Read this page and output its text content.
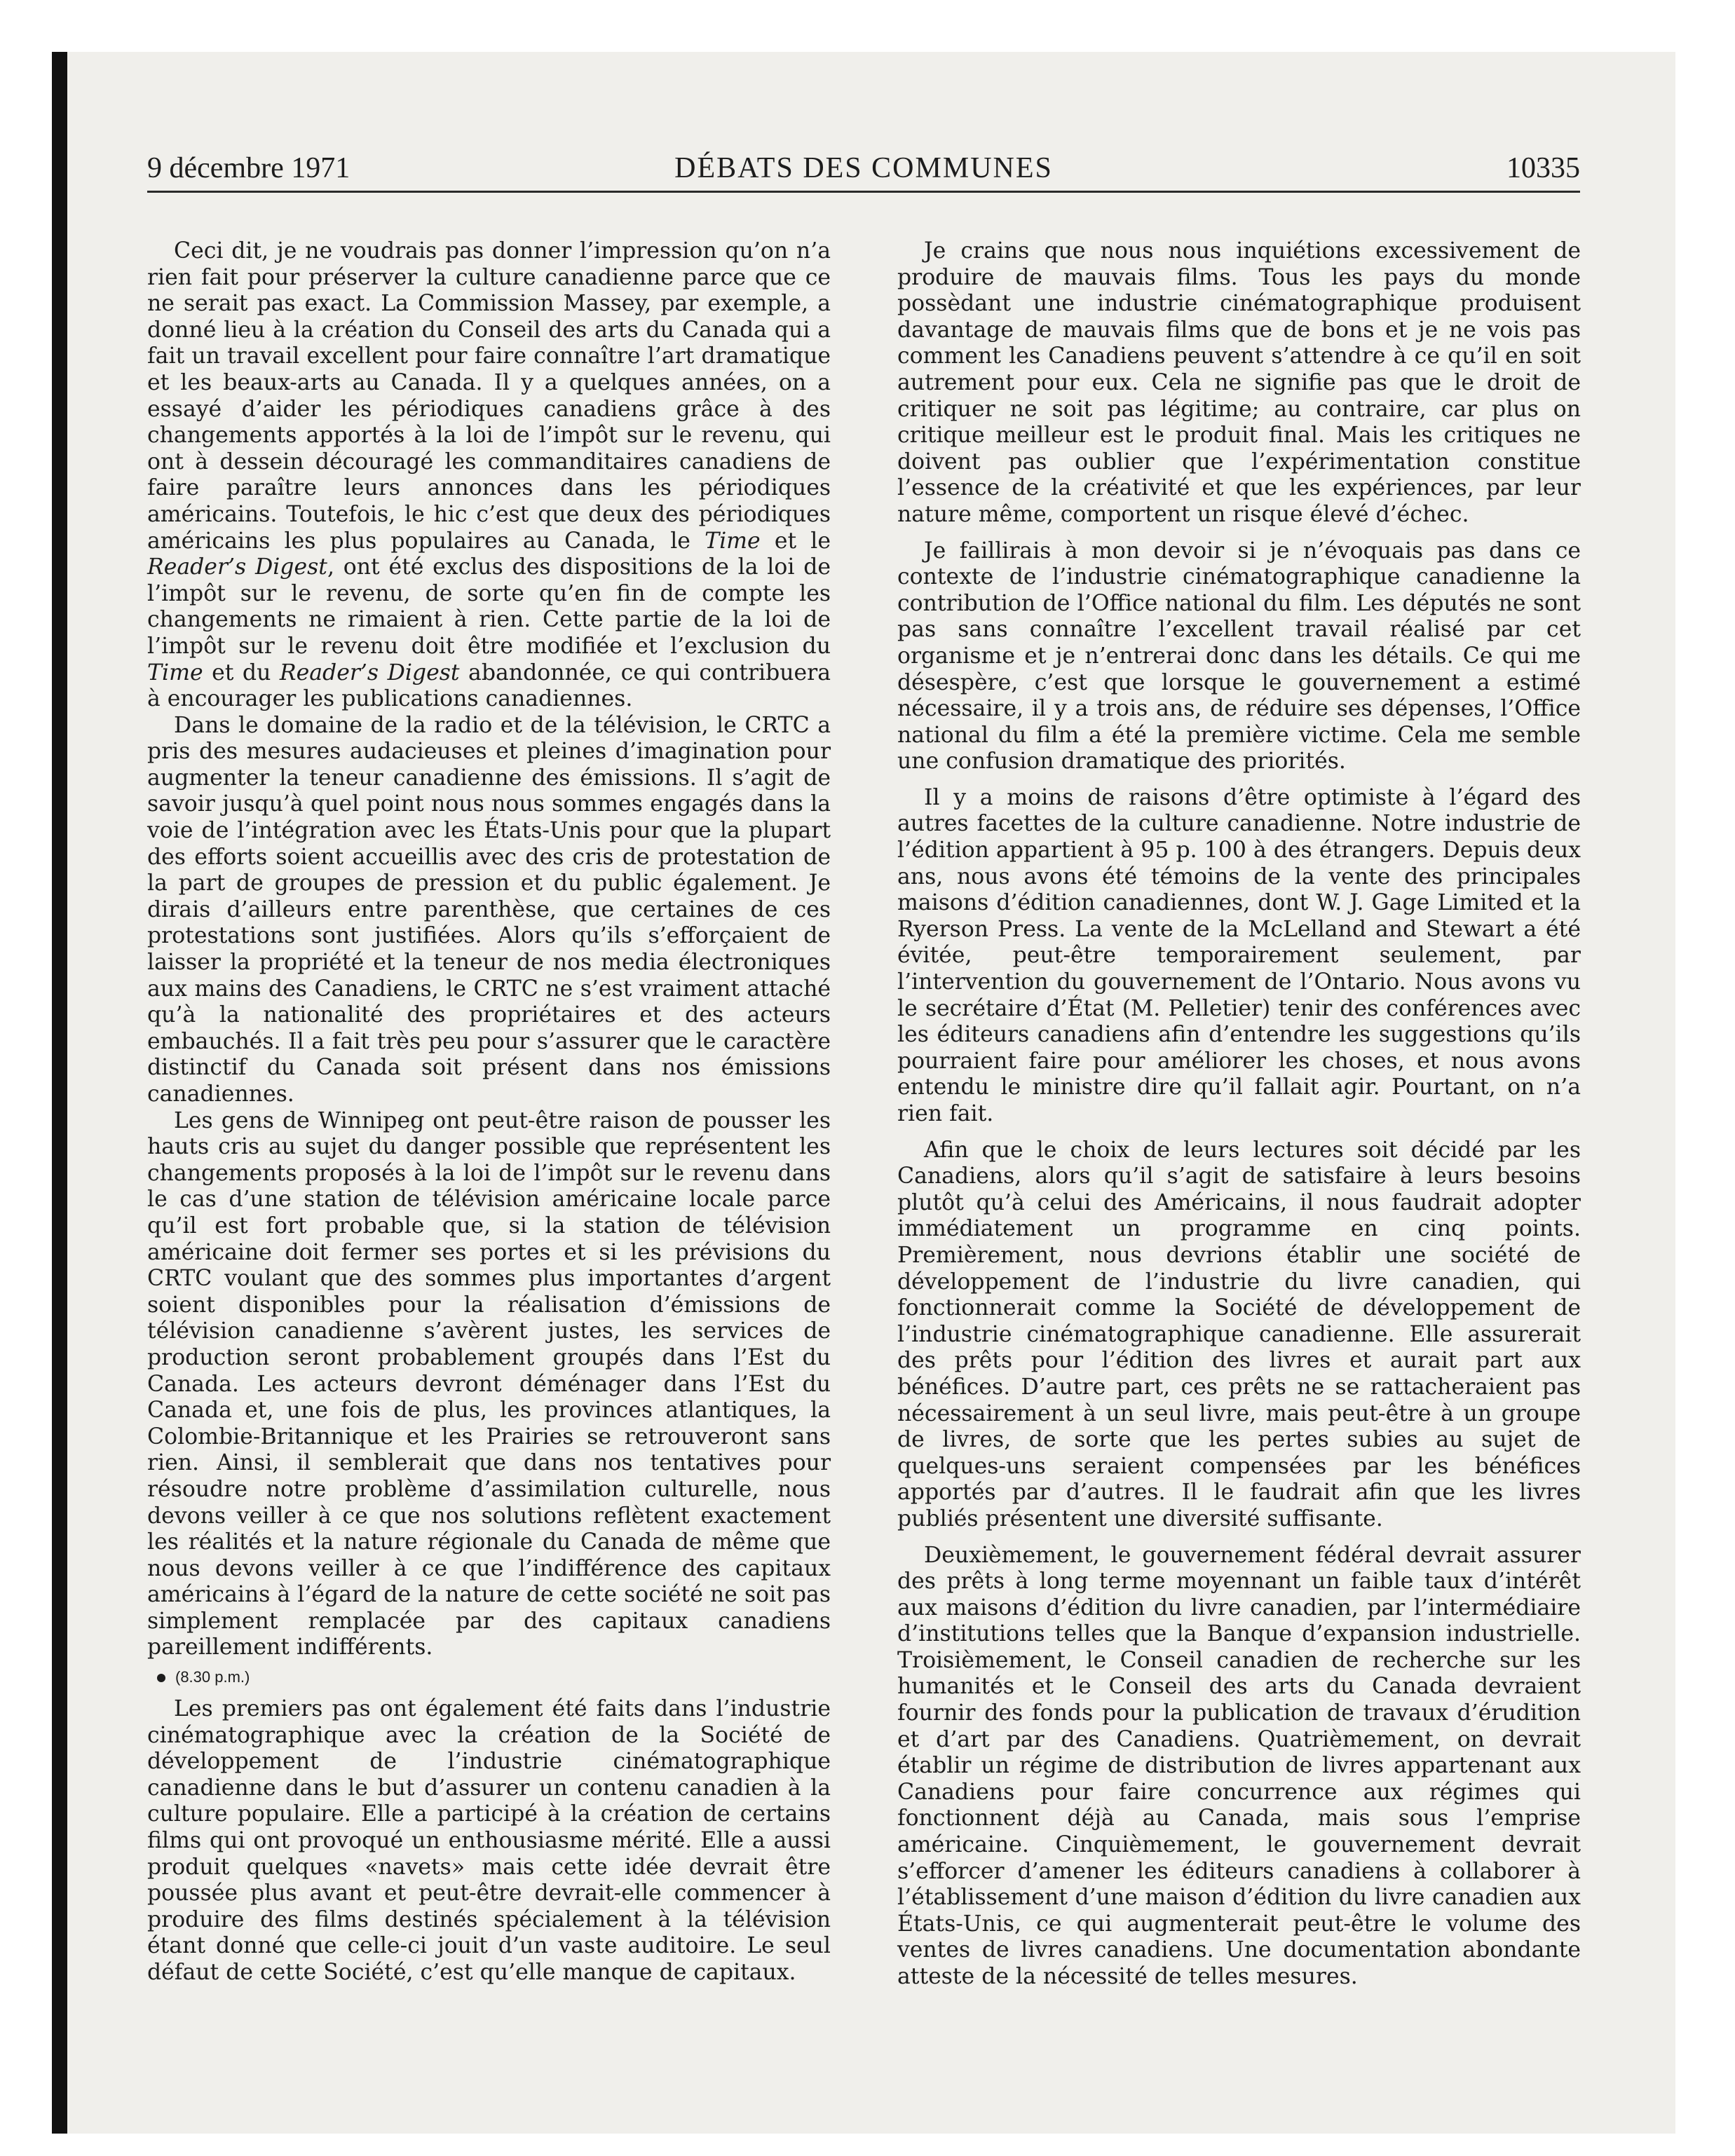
9 décembre 1971	DÉBATS DES COMMUNES	10335

Ceci dit, je ne voudrais pas donner l’impression qu’on n’a rien fait pour préserver la culture canadienne parce que ce ne serait pas exact. La Commission Massey, par exemple, a donné lieu à la création du Conseil des arts du Canada qui a fait un travail excellent pour faire connaître l’art dramatique et les beaux-arts au Canada. Il y a quelques années, on a essayé d’aider les périodiques canadiens grâce à des changements apportés à la loi de l’impôt sur le revenu, qui ont à dessein découragé les commanditaires canadiens de faire paraître leurs annonces dans les périodiques américains. Toutefois, le hic c’est que deux des périodiques américains les plus populaires au Canada, le Time et le Reader’s Digest, ont été exclus des dispositions de la loi de l’impôt sur le revenu, de sorte qu’en fin de compte les changements ne rimaient à rien. Cette partie de la loi de l’impôt sur le revenu doit être modifiée et l’exclusion du Time et du Reader’s Digest abandonnée, ce qui contribuera à encourager les publications canadiennes.

Dans le domaine de la radio et de la télévision, le CRTC a pris des mesures audacieuses et pleines d’imagination pour augmenter la teneur canadienne des émissions. Il s’agit de savoir jusqu’à quel point nous nous sommes engagés dans la voie de l’intégration avec les États-Unis pour que la plupart des efforts soient accueillis avec des cris de protestation de la part de groupes de pression et du public également. Je dirais d’ailleurs entre parenthèse, que certaines de ces protestations sont justifiées. Alors qu’ils s’efforçaient de laisser la propriété et la teneur de nos media électroniques aux mains des Canadiens, le CRTC ne s’est vraiment attaché qu’à la nationalité des propriétaires et des acteurs embauchés. Il a fait très peu pour s’assurer que le caractère distinctif du Canada soit présent dans nos émissions canadiennes.

Les gens de Winnipeg ont peut-être raison de pousser les hauts cris au sujet du danger possible que représentent les changements proposés à la loi de l’impôt sur le revenu dans le cas d’une station de télévision américaine locale parce qu’il est fort probable que, si la station de télévision américaine doit fermer ses portes et si les prévisions du CRTC voulant que des sommes plus importantes d’argent soient disponibles pour la réalisation d’émissions de télévision canadienne s’avèrent justes, les services de production seront probablement groupés dans l’Est du Canada. Les acteurs devront déménager dans l’Est du Canada et, une fois de plus, les provinces atlantiques, la Colombie-Britannique et les Prairies se retrouveront sans rien. Ainsi, il semblerait que dans nos tentatives pour résoudre notre problème d’assimilation culturelle, nous devons veiller à ce que nos solutions reflètent exactement les réalités et la nature régionale du Canada de même que nous devons veiller à ce que l’indifférence des capitaux américains à l’égard de la nature de cette société ne soit pas simplement remplacée par des capitaux canadiens pareillement indifférents.

(8.30 p.m.)

Les premiers pas ont également été faits dans l’industrie cinématographique avec la création de la Société de développement de l’industrie cinématographique canadienne dans le but d’assurer un contenu canadien à la culture populaire. Elle a participé à la création de certains films qui ont provoqué un enthousiasme mérité. Elle a aussi produit quelques «navets» mais cette idée devrait être poussée plus avant et peut-être devrait-elle commencer à produire des films destinés spécialement à la télévision étant donné que celle-ci jouit d’un vaste auditoire. Le seul défaut de cette Société, c’est qu’elle manque de capitaux.

Je crains que nous nous inquiétions excessivement de produire de mauvais films. Tous les pays du monde possèdant une industrie cinématographique produisent davantage de mauvais films que de bons et je ne vois pas comment les Canadiens peuvent s’attendre à ce qu’il en soit autrement pour eux. Cela ne signifie pas que le droit de critiquer ne soit pas légitime; au contraire, car plus on critique meilleur est le produit final. Mais les critiques ne doivent pas oublier que l’expérimentation constitue l’essence de la créativité et que les expériences, par leur nature même, comportent un risque élevé d’échec.

Je faillirais à mon devoir si je n’évoquais pas dans ce contexte de l’industrie cinématographique canadienne la contribution de l’Office national du film. Les députés ne sont pas sans connaître l’excellent travail réalisé par cet organisme et je n’entrerai donc dans les détails. Ce qui me désespère, c’est que lorsque le gouvernement a estimé nécessaire, il y a trois ans, de réduire ses dépenses, l’Office national du film a été la première victime. Cela me semble une confusion dramatique des priorités.

Il y a moins de raisons d’être optimiste à l’égard des autres facettes de la culture canadienne. Notre industrie de l’édition appartient à 95 p. 100 à des étrangers. Depuis deux ans, nous avons été témoins de la vente des principales maisons d’édition canadiennes, dont W. J. Gage Limited et la Ryerson Press. La vente de la McLelland and Stewart a été évitée, peut-être temporairement seulement, par l’intervention du gouvernement de l’Ontario. Nous avons vu le secrétaire d’État (M. Pelletier) tenir des conférences avec les éditeurs canadiens afin d’entendre les suggestions qu’ils pourraient faire pour améliorer les choses, et nous avons entendu le ministre dire qu’il fallait agir. Pourtant, on n’a rien fait.

Afin que le choix de leurs lectures soit décidé par les Canadiens, alors qu’il s’agit de satisfaire à leurs besoins plutôt qu’à celui des Américains, il nous faudrait adopter immédiatement un programme en cinq points. Premièrement, nous devrions établir une société de développement de l’industrie du livre canadien, qui fonctionnerait comme la Société de développement de l’industrie cinématographique canadienne. Elle assurerait des prêts pour l’édition des livres et aurait part aux bénéfices. D’autre part, ces prêts ne se rattacheraient pas nécessairement à un seul livre, mais peut-être à un groupe de livres, de sorte que les pertes subies au sujet de quelques-uns seraient compensées par les bénéfices apportés par d’autres. Il le faudrait afin que les livres publiés présentent une diversité suffisante.

Deuxièmement, le gouvernement fédéral devrait assurer des prêts à long terme moyennant un faible taux d’intérêt aux maisons d’édition du livre canadien, par l’intermédiaire d’institutions telles que la Banque d’expansion industrielle. Troisièmement, le Conseil canadien de recherche sur les humanités et le Conseil des arts du Canada devraient fournir des fonds pour la publication de travaux d’érudition et d’art par des Canadiens. Quatrièmement, on devrait établir un régime de distribution de livres appartenant aux Canadiens pour faire concurrence aux régimes qui fonctionnent déjà au Canada, mais sous l’emprise américaine. Cinquièmement, le gouvernement devrait s’efforcer d’amener les éditeurs canadiens à collaborer à l’établissement d’une maison d’édition du livre canadien aux États-Unis, ce qui augmenterait peut-être le volume des ventes de livres canadiens. Une documentation abondante atteste de la nécessité de telles mesures.
